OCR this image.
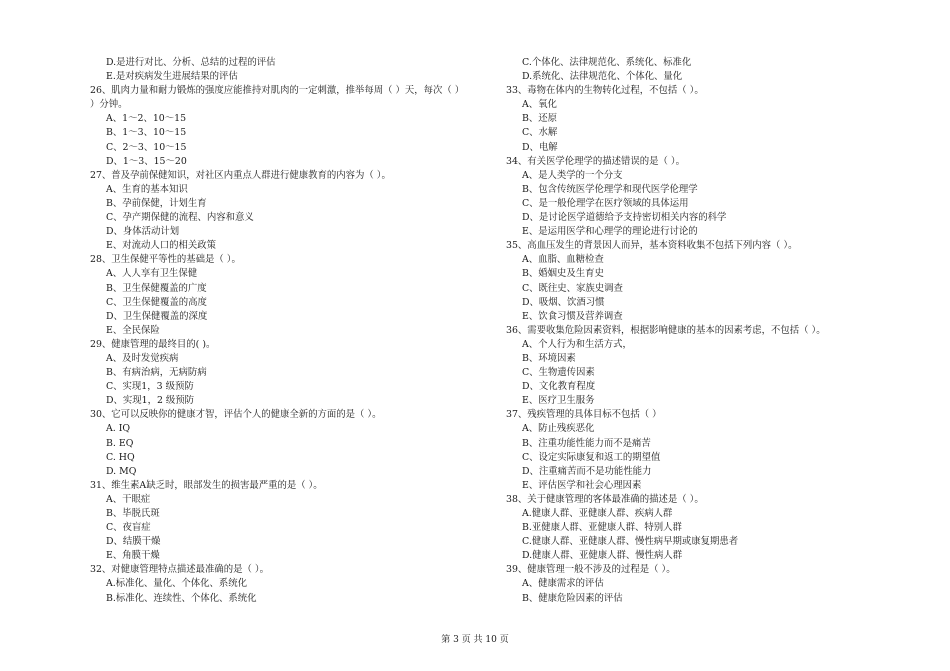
D.是进行对比、分析、总结的过程的评估
E.是对疾病发生进展结果的评估
26、肌肉力量和耐力锻炼的强度应能推持对肌肉的一定刺激，推举每周（ ）天，每次（ ）
）分钟。
A、1～2、10～15
B、1～3、10～15
C、2～3、10～15
D、1～3、15～20
27、普及孕前保健知识，对社区内重点人群进行健康教育的内容为（ ）。
A、生育的基本知识
B、孕前保健，计划生育
C、孕产期保健的流程、内容和意义
D、身体活动计划
E、对流动人口的相关政策
28、卫生保健平等性的基础是（ ）。
A、人人享有卫生保健
B、卫生保健覆盖的广度
C、卫生保健覆盖的高度
D、卫生保健覆盖的深度
E、全民保险
29、健康管理的最终目的( )。
A、及时发觉疾病
B、有病治病，无病防病
C、实现1，3 级预防
D、实现1，2 级预防
30、它可以反映你的健康才智，评估个人的健康全新的方面的是（ ）。
A. IQ
B. EQ
C. HQ
D. MQ
31、维生素A缺乏时，眼部发生的损害最严重的是（ ）。
A、干眼症
B、毕脱氏斑
C、夜盲症
D、结膜干燥
E、角膜干燥
32、对健康管理特点描述最准确的是（ ）。
A.标准化、量化、个体化、系统化
B.标准化、连续性、个体化、系统化
C.个体化、法律规范化、系统化、标准化
D.系统化、法律规范化、个体化、量化
33、毒物在体内的生物转化过程，不包括（ ）。
A、氧化
B、还原
C、水解
D、电解
34、有关医学伦理学的描述错误的是（ ）。
A、是人类学的一个分支
B、包含传统医学伦理学和现代医学伦理学
C、是一般伦理学在医疗领域的具体运用
D、是讨论医学道德给予支持密切相关内容的科学
E、是运用医学和心理学的理论进行讨论的
35、高血压发生的背景因人而异，基本资料收集不包括下列内容（ ）。
A、血脂、血糖检查
B、婚姻史及生育史
C、既往史、家族史调查
D、吸烟、饮酒习惯
E、饮食习惯及营养调查
36、需要收集危险因素资料，根据影响健康的基本的因素考虑，不包括（ ）。
A、个人行为和生活方式，
B、环境因素
C、生物遗传因素
D、文化教育程度
E、医疗卫生服务
37、残疾管理的具体目标不包括（ ）
A、防止残疾恶化
B、注重功能性能力而不是痛苦
C、设定实际康复和返工的期望值
D、注重痛苦而不是功能性能力
E、评估医学和社会心理因素
38、关于健康管理的客体最准确的描述是（ ）。
A.健康人群、亚健康人群、疾病人群
B.亚健康人群、亚健康人群、特别人群
C.健康人群、亚健康人群、慢性病早期或康复期患者
D.健康人群、亚健康人群、慢性病人群
39、健康管理一般不涉及的过程是（ ）。
A、健康需求的评估
B、健康危险因素的评估
第 3 页 共 10 页
